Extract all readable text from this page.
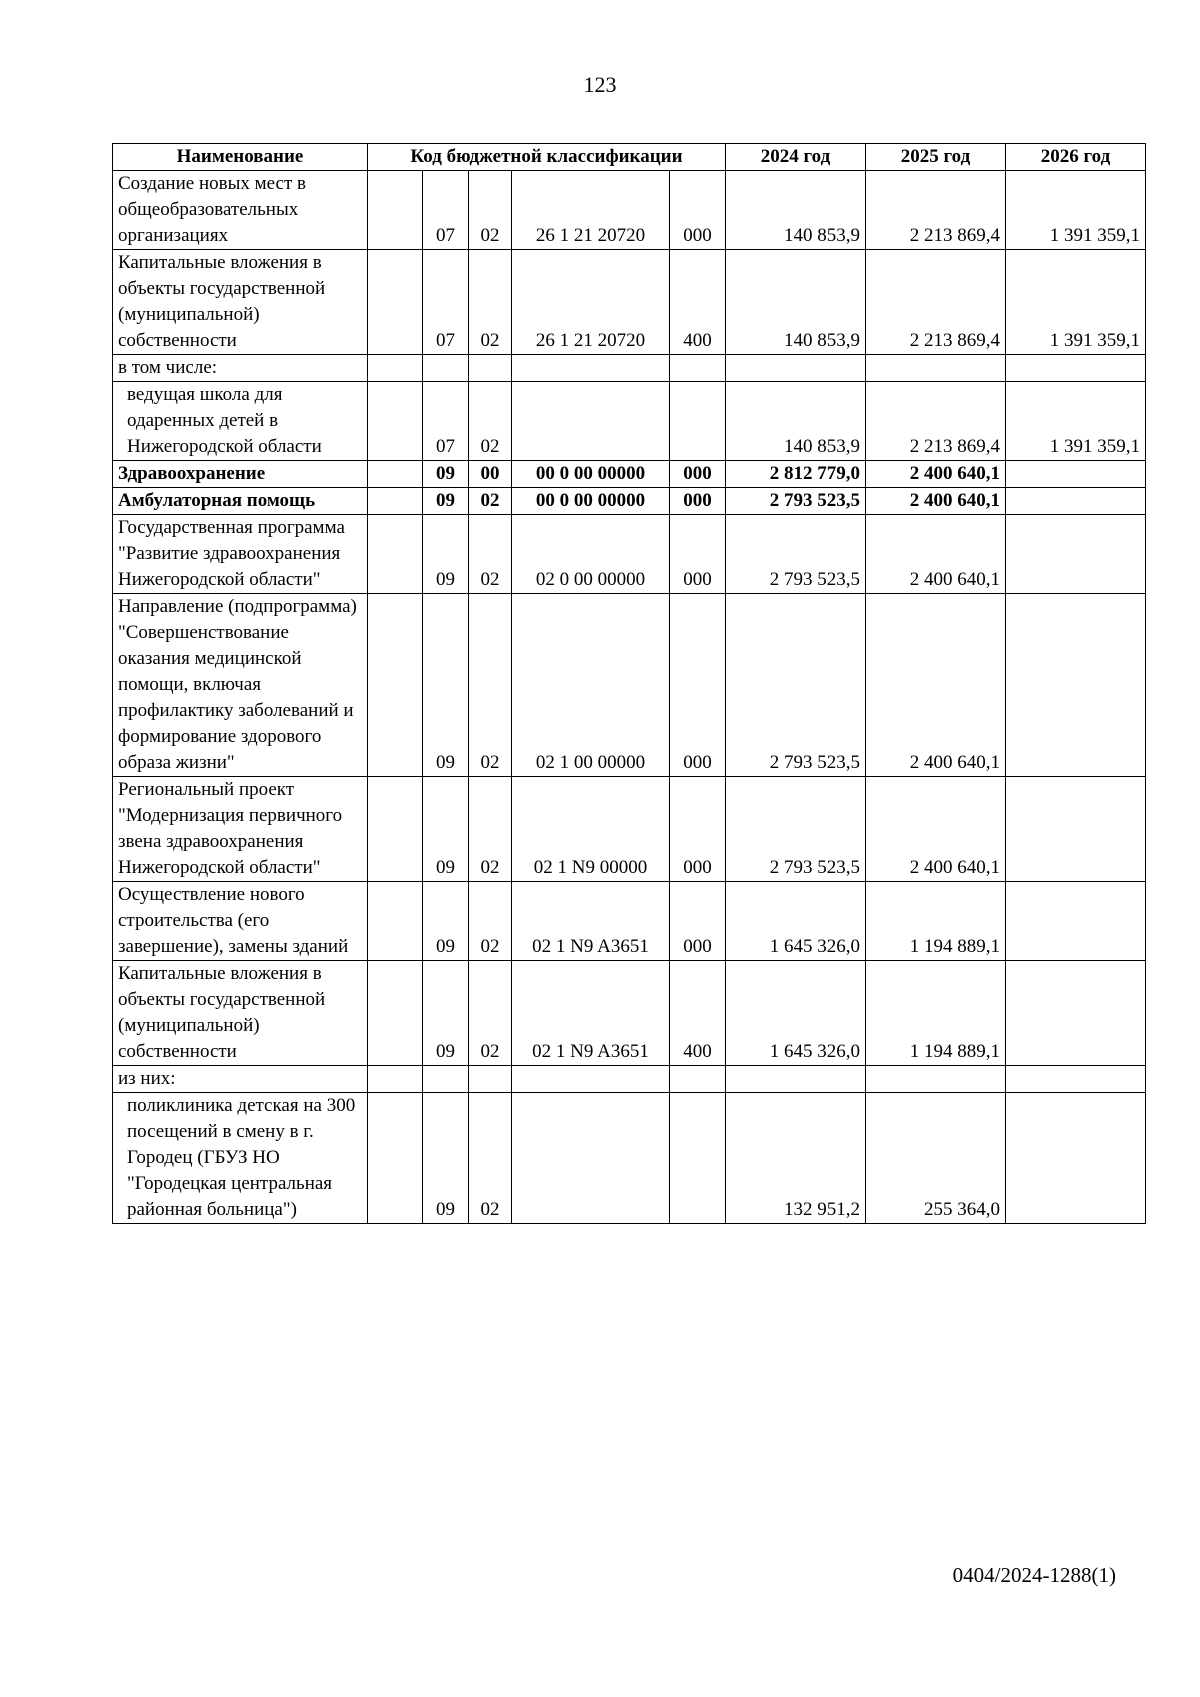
123
Наименование	Код бюджетной классификации					2024 год	2025 год	2026 год
Создание новых мест в общеобразовательных организациях		07	02	26 1 21 20720	000	140 853,9	2 213 869,4	1 391 359,1
Капитальные вложения в объекты государственной (муниципальной) собственности		07	02	26 1 21 20720	400	140 853,9	2 213 869,4	1 391 359,1
в том числе:								
ведущая школа для одаренных детей в Нижегородской области		07	02			140 853,9	2 213 869,4	1 391 359,1
Здравоохранение		09	00	00 0 00 00000	000	2 812 779,0	2 400 640,1	
Амбулаторная помощь		09	02	00 0 00 00000	000	2 793 523,5	2 400 640,1	
Государственная программа "Развитие здравоохранения Нижегородской области"		09	02	02 0 00 00000	000	2 793 523,5	2 400 640,1	
Направление (подпрограмма) "Совершенствование оказания медицинской помощи, включая профилактику заболеваний и формирование здорового образа жизни"		09	02	02 1 00 00000	000	2 793 523,5	2 400 640,1	
Региональный проект "Модернизация первичного звена здравоохранения Нижегородской области"		09	02	02 1 N9 00000	000	2 793 523,5	2 400 640,1	
Осуществление нового строительства (его завершение), замены зданий		09	02	02 1 N9 A3651	000	1 645 326,0	1 194 889,1	
Капитальные вложения в объекты государственной (муниципальной) собственности		09	02	02 1 N9 A3651	400	1 645 326,0	1 194 889,1	
из них:								
поликлиника детская на 300 посещений в смену в г. Городец (ГБУЗ НО "Городецкая центральная районная больница")		09	02			132 951,2	255 364,0	
0404/2024-1288(1)
